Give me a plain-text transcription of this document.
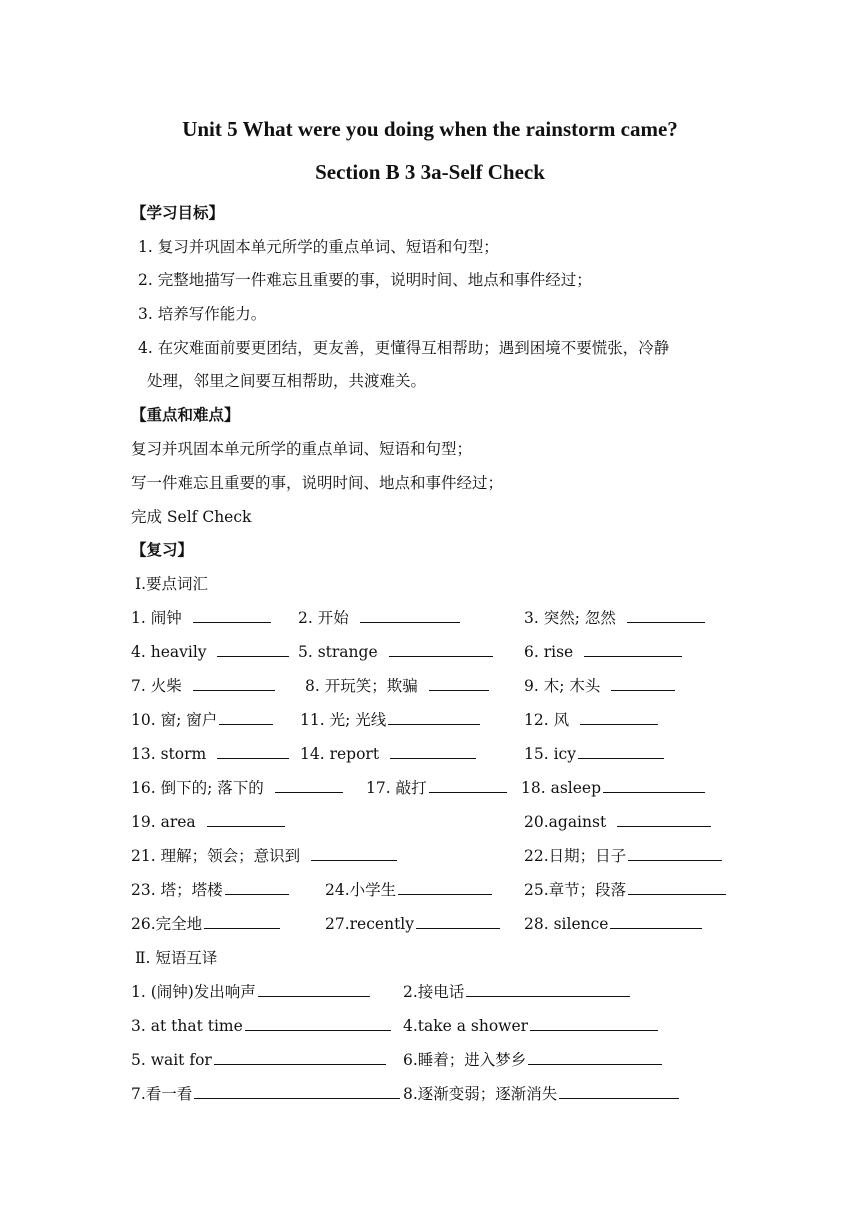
Unit 5 What were you doing when the rainstorm came?
Section B 3 3a-Self Check
【学习目标】
1. 复习并巩固本单元所学的重点单词、短语和句型；
2. 完整地描写一件难忘且重要的事，说明时间、地点和事件经过；
3. 培养写作能力。
4. 在灾难面前要更团结，更友善，更懂得互相帮助；遇到困境不要慌张，冷静
处理，邻里之间要互相帮助，共渡难关。
【重点和难点】
复习并巩固本单元所学的重点单词、短语和句型；
写一件难忘且重要的事，说明时间、地点和事件经过；
完成 Self Check
【复习】
Ⅰ.要点词汇
1. 闹钟	2. 开始	3. 突然; 忽然
4. heavily	5. strange	6. rise
7. 火柴	8. 开玩笑；欺骗	9. 木; 木头
10. 窗; 窗户	11. 光; 光线	12. 风
13. storm	14. report	15. icy
16. 倒下的; 落下的	17. 敲打	18. asleep
19. area	20.against
21. 理解；领会；意识到	22.日期；日子
23. 塔；塔楼	24.小学生	25.章节；段落
26.完全地	27.recently	28. silence
Ⅱ. 短语互译
1. (闹钟)发出响声	2.接电话
3. at that time	4.take a shower
5. wait for	6.睡着；进入梦乡
7.看一看	8.逐渐变弱；逐渐消失
